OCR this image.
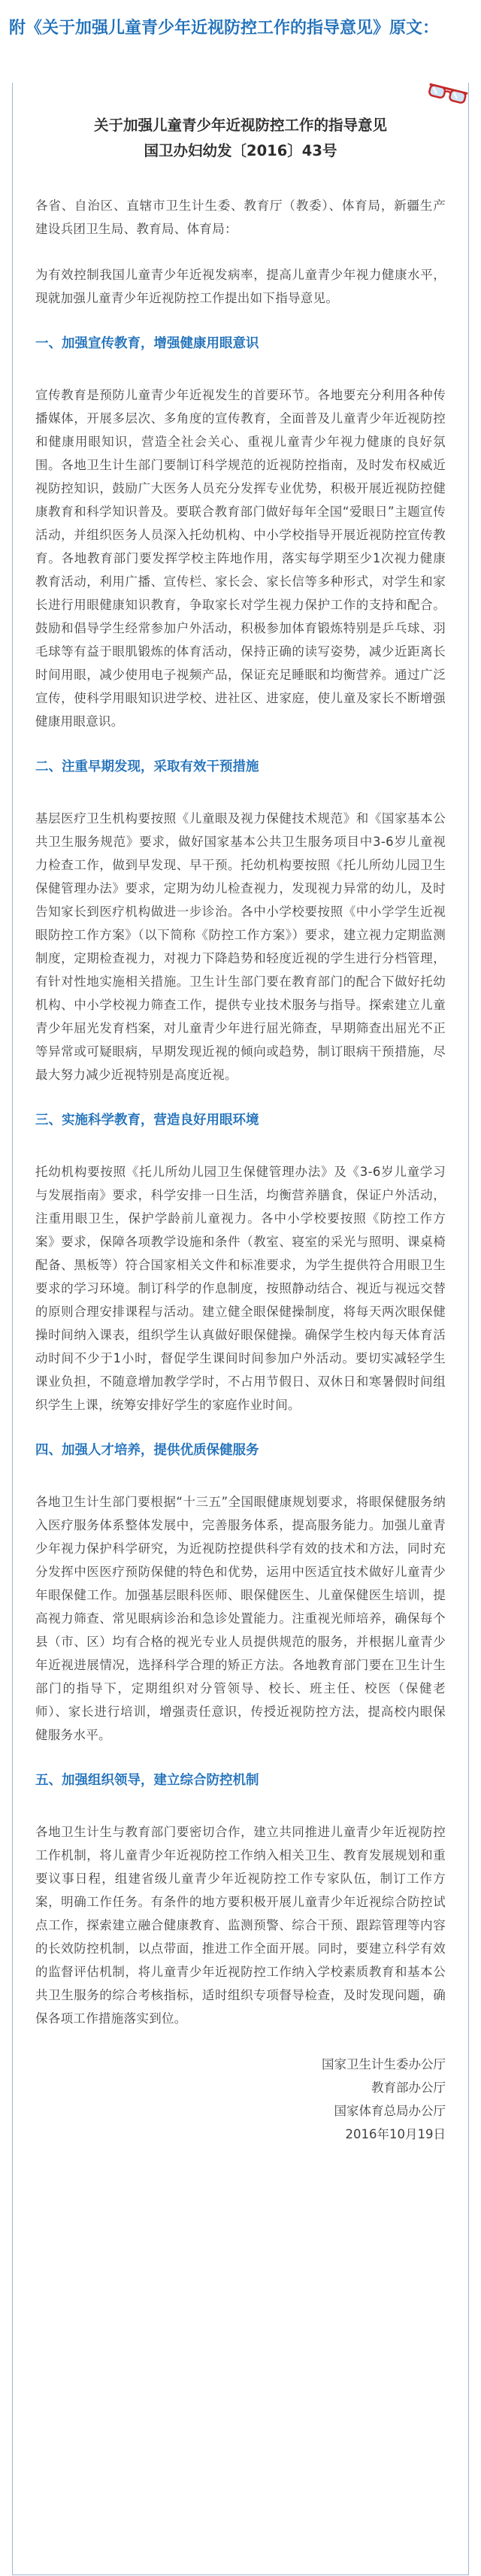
附《关于加强儿童青少年近视防控工作的指导意见》原文：
关于加强儿童青少年近视防控工作的指导意见
国卫办妇幼发〔2016〕43号

各省、自治区、直辖市卫生计生委、教育厅（教委）、体育局，新疆生产建设兵团卫生局、教育局、体育局：

为有效控制我国儿童青少年近视发病率，提高儿童青少年视力健康水平，现就加强儿童青少年近视防控工作提出如下指导意见。

一、加强宣传教育，增强健康用眼意识

宣传教育是预防儿童青少年近视发生的首要环节。各地要充分利用各种传播媒体，开展多层次、多角度的宣传教育，全面普及儿童青少年近视防控和健康用眼知识，营造全社会关心、重视儿童青少年视力健康的良好氛围。各地卫生计生部门要制订科学规范的近视防控指南，及时发布权威近视防控知识，鼓励广大医务人员充分发挥专业优势，积极开展近视防控健康教育和科学知识普及。要联合教育部门做好每年全国“爱眼日”主题宣传活动，并组织医务人员深入托幼机构、中小学校指导开展近视防控宣传教育。各地教育部门要发挥学校主阵地作用，落实每学期至少1次视力健康教育活动，利用广播、宣传栏、家长会、家长信等多种形式，对学生和家长进行用眼健康知识教育，争取家长对学生视力保护工作的支持和配合。鼓励和倡导学生经常参加户外活动，积极参加体育锻炼特别是乒乓球、羽毛球等有益于眼肌锻炼的体育活动，保持正确的读写姿势，减少近距离长时间用眼，减少使用电子视频产品，保证充足睡眠和均衡营养。通过广泛宣传，使科学用眼知识进学校、进社区、进家庭，使儿童及家长不断增强健康用眼意识。

二、注重早期发现，采取有效干预措施

基层医疗卫生机构要按照《儿童眼及视力保健技术规范》和《国家基本公共卫生服务规范》要求，做好国家基本公共卫生服务项目中3-6岁儿童视力检查工作，做到早发现、早干预。托幼机构要按照《托儿所幼儿园卫生保健管理办法》要求，定期为幼儿检查视力，发现视力异常的幼儿，及时告知家长到医疗机构做进一步诊治。各中小学校要按照《中小学学生近视眼防控工作方案》（以下简称《防控工作方案》）要求，建立视力定期监测制度，定期检查视力，对视力下降趋势和轻度近视的学生进行分档管理，有针对性地实施相关措施。卫生计生部门要在教育部门的配合下做好托幼机构、中小学校视力筛查工作，提供专业技术服务与指导。探索建立儿童青少年屈光发育档案，对儿童青少年进行屈光筛查，早期筛查出屈光不正等异常或可疑眼病，早期发现近视的倾向或趋势，制订眼病干预措施，尽最大努力减少近视特别是高度近视。

三、实施科学教育，营造良好用眼环境

托幼机构要按照《托儿所幼儿园卫生保健管理办法》及《3-6岁儿童学习与发展指南》要求，科学安排一日生活，均衡营养膳食，保证户外活动，注重用眼卫生，保护学龄前儿童视力。各中小学校要按照《防控工作方案》要求，保障各项教学设施和条件（教室、寝室的采光与照明、课桌椅配备、黑板等）符合国家相关文件和标准要求，为学生提供符合用眼卫生要求的学习环境。制订科学的作息制度，按照静动结合、视近与视远交替的原则合理安排课程与活动。建立健全眼保健操制度，将每天两次眼保健操时间纳入课表，组织学生认真做好眼保健操。确保学生校内每天体育活动时间不少于1小时，督促学生课间时间参加户外活动。要切实减轻学生课业负担，不随意增加教学学时，不占用节假日、双休日和寒暑假时间组织学生上课，统筹安排好学生的家庭作业时间。

四、加强人才培养，提供优质保健服务

各地卫生计生部门要根据“十三五”全国眼健康规划要求，将眼保健服务纳入医疗服务体系整体发展中，完善服务体系，提高服务能力。加强儿童青少年视力保护科学研究，为近视防控提供科学有效的技术和方法，同时充分发挥中医医疗预防保健的特色和优势，运用中医适宜技术做好儿童青少年眼保健工作。加强基层眼科医师、眼保健医生、儿童保健医生培训，提高视力筛查、常见眼病诊治和急诊处置能力。注重视光师培养，确保每个县（市、区）均有合格的视光专业人员提供规范的服务，并根据儿童青少年近视进展情况，选择科学合理的矫正方法。各地教育部门要在卫生计生部门的指导下，定期组织对分管领导、校长、班主任、校医（保健老师）、家长进行培训，增强责任意识，传授近视防控方法，提高校内眼保健服务水平。

五、加强组织领导，建立综合防控机制

各地卫生计生与教育部门要密切合作，建立共同推进儿童青少年近视防控工作机制，将儿童青少年近视防控工作纳入相关卫生、教育发展规划和重要议事日程，组建省级儿童青少年近视防控工作专家队伍，制订工作方案，明确工作任务。有条件的地方要积极开展儿童青少年近视综合防控试点工作，探索建立融合健康教育、监测预警、综合干预、跟踪管理等内容的长效防控机制，以点带面，推进工作全面开展。同时，要建立科学有效的监督评估机制，将儿童青少年近视防控工作纳入学校素质教育和基本公共卫生服务的综合考核指标，适时组织专项督导检查，及时发现问题，确保各项工作措施落实到位。

国家卫生计生委办公厅

教育部办公厅

国家体育总局办公厅

2016年10月19日
